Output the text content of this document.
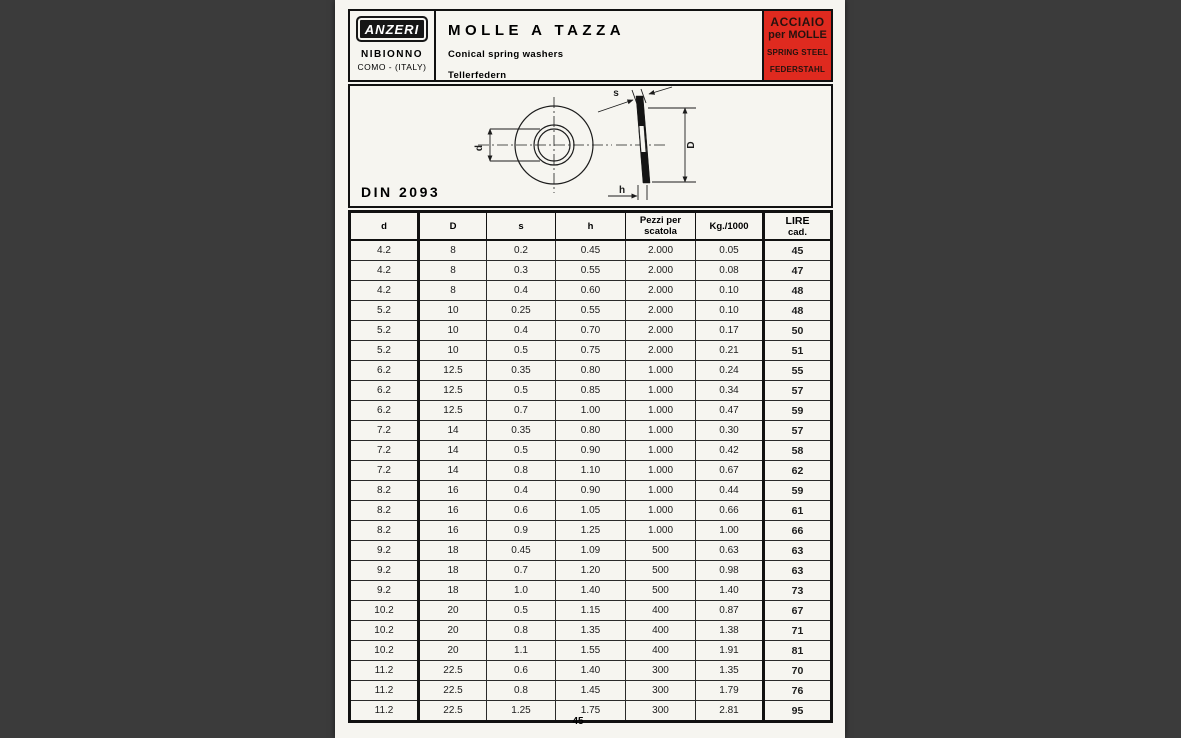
ANZERI
NIBIONNO
COMO - (ITALY)
MOLLE A TAZZA
Conical spring washers
Tellerfedern
ACCIAIO
per MOLLE
SPRING STEEL
FEDERSTAHL
d
s
D
h
DIN 2093
d	D	s	h	Pezzi per
scatola	Kg./1000	LIRE
cad.

4.2	8	0.2	0.45	2.000	0.05	45
4.2	8	0.3	0.55	2.000	0.08	47
4.2	8	0.4	0.60	2.000	0.10	48
5.2	10	0.25	0.55	2.000	0.10	48
5.2	10	0.4	0.70	2.000	0.17	50
5.2	10	0.5	0.75	2.000	0.21	51
6.2	12.5	0.35	0.80	1.000	0.24	55
6.2	12.5	0.5	0.85	1.000	0.34	57
6.2	12.5	0.7	1.00	1.000	0.47	59
7.2	14	0.35	0.80	1.000	0.30	57
7.2	14	0.5	0.90	1.000	0.42	58
7.2	14	0.8	1.10	1.000	0.67	62
8.2	16	0.4	0.90	1.000	0.44	59
8.2	16	0.6	1.05	1.000	0.66	61
8.2	16	0.9	1.25	1.000	1.00	66
9.2	18	0.45	1.09	500	0.63	63
9.2	18	0.7	1.20	500	0.98	63
9.2	18	1.0	1.40	500	1.40	73
10.2	20	0.5	1.15	400	0.87	67
10.2	20	0.8	1.35	400	1.38	71
10.2	20	1.1	1.55	400	1.91	81
11.2	22.5	0.6	1.40	300	1.35	70
11.2	22.5	0.8	1.45	300	1.79	76
11.2	22.5	1.25	1.75	300	2.81	95
45
